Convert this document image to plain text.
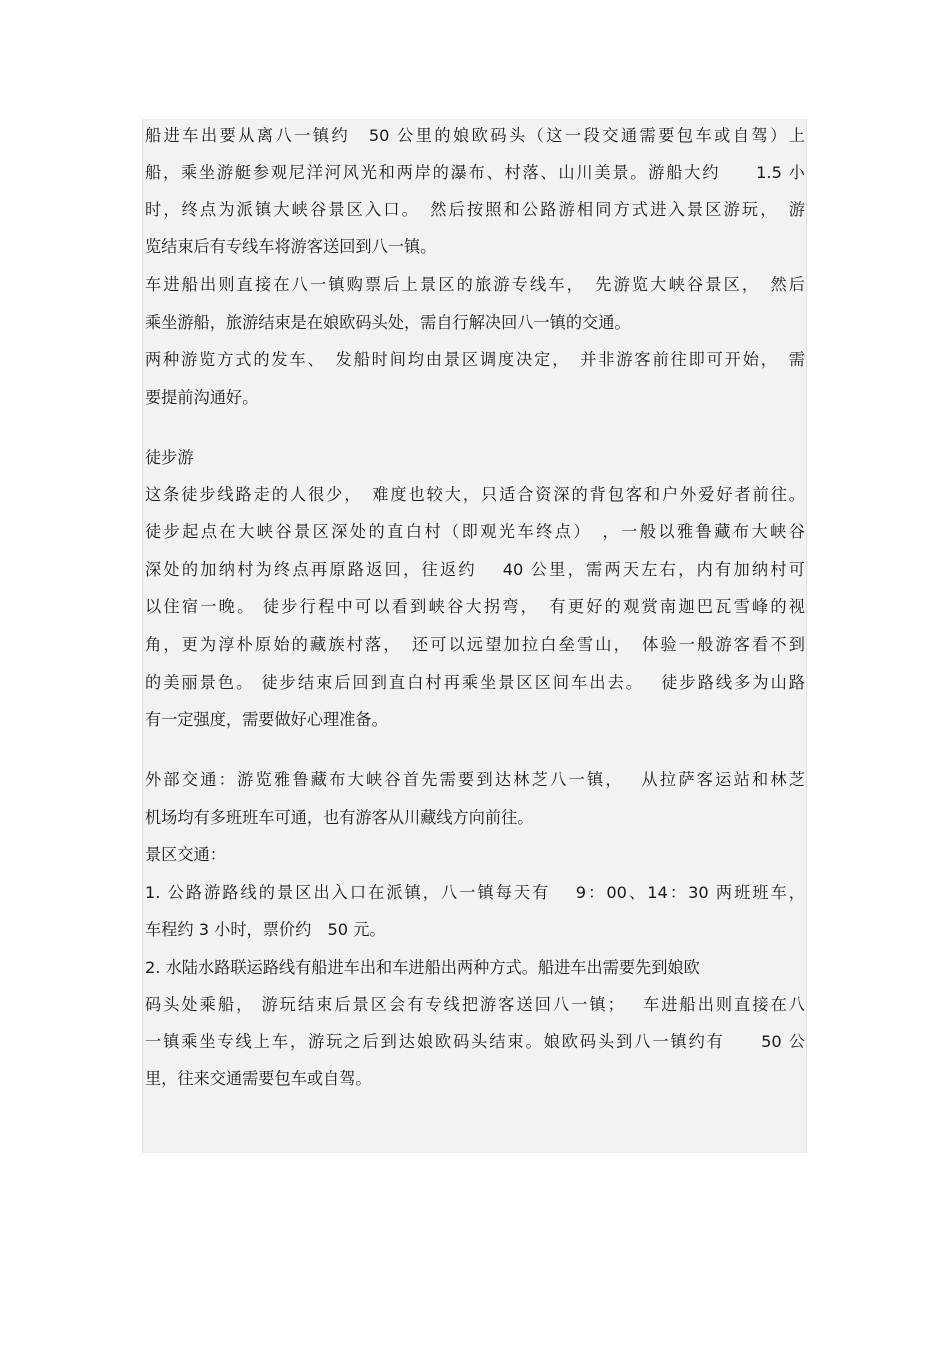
船进车出要从离八一镇约　50 公里的娘欧码头（这一段交通需要包车或自驾）上
船，乘坐游艇参观尼洋河风光和两岸的瀑布、村落、山川美景。游船大约　　1.5 小
时，终点为派镇大峡谷景区入口。　然后按照和公路游相同方式进入景区游玩，　游
览结束后有专线车将游客送回到八一镇。
车进船出则直接在八一镇购票后上景区的旅游专线车，　先游览大峡谷景区，　然后
乘坐游船，旅游结束是在娘欧码头处，需自行解决回八一镇的交通。
两种游览方式的发车、　发船时间均由景区调度决定，　并非游客前往即可开始，　需
要提前沟通好。
徒步游
这条徒步线路走的人很少，　难度也较大，只适合资深的背包客和户外爱好者前往。
徒步起点在大峡谷景区深处的直白村（即观光车终点）　，一般以雅鲁藏布大峡谷
深处的加纳村为终点再原路返回，往返约　 40 公里，需两天左右，内有加纳村可
以住宿一晚。 徒步行程中可以看到峡谷大拐弯，　有更好的观赏南迦巴瓦雪峰的视
角，更为淳朴原始的藏族村落，　还可以远望加拉白垒雪山，　体验一般游客看不到
的美丽景色。 徒步结束后回到直白村再乘坐景区区间车出去。　 徒步路线多为山路
有一定强度，需要做好心理准备。
外部交通：游览雅鲁藏布大峡谷首先需要到达林芝八一镇，　 从拉萨客运站和林芝
机场均有多班班车可通，也有游客从川藏线方向前往。
景区交通：
1. 公路游路线的景区出入口在派镇，八一镇每天有　 9：00、14：30 两班班车，
车程约 3 小时，票价约　50 元。
2. 水陆水路联运路线有船进车出和车进船出两种方式。船进车出需要先到娘欧
码头处乘船， 游玩结束后景区会有专线把游客送回八一镇；　 车进船出则直接在八
一镇乘坐专线上车，游玩之后到达娘欧码头结束。娘欧码头到八一镇约有　　50 公
里，往来交通需要包车或自驾。
